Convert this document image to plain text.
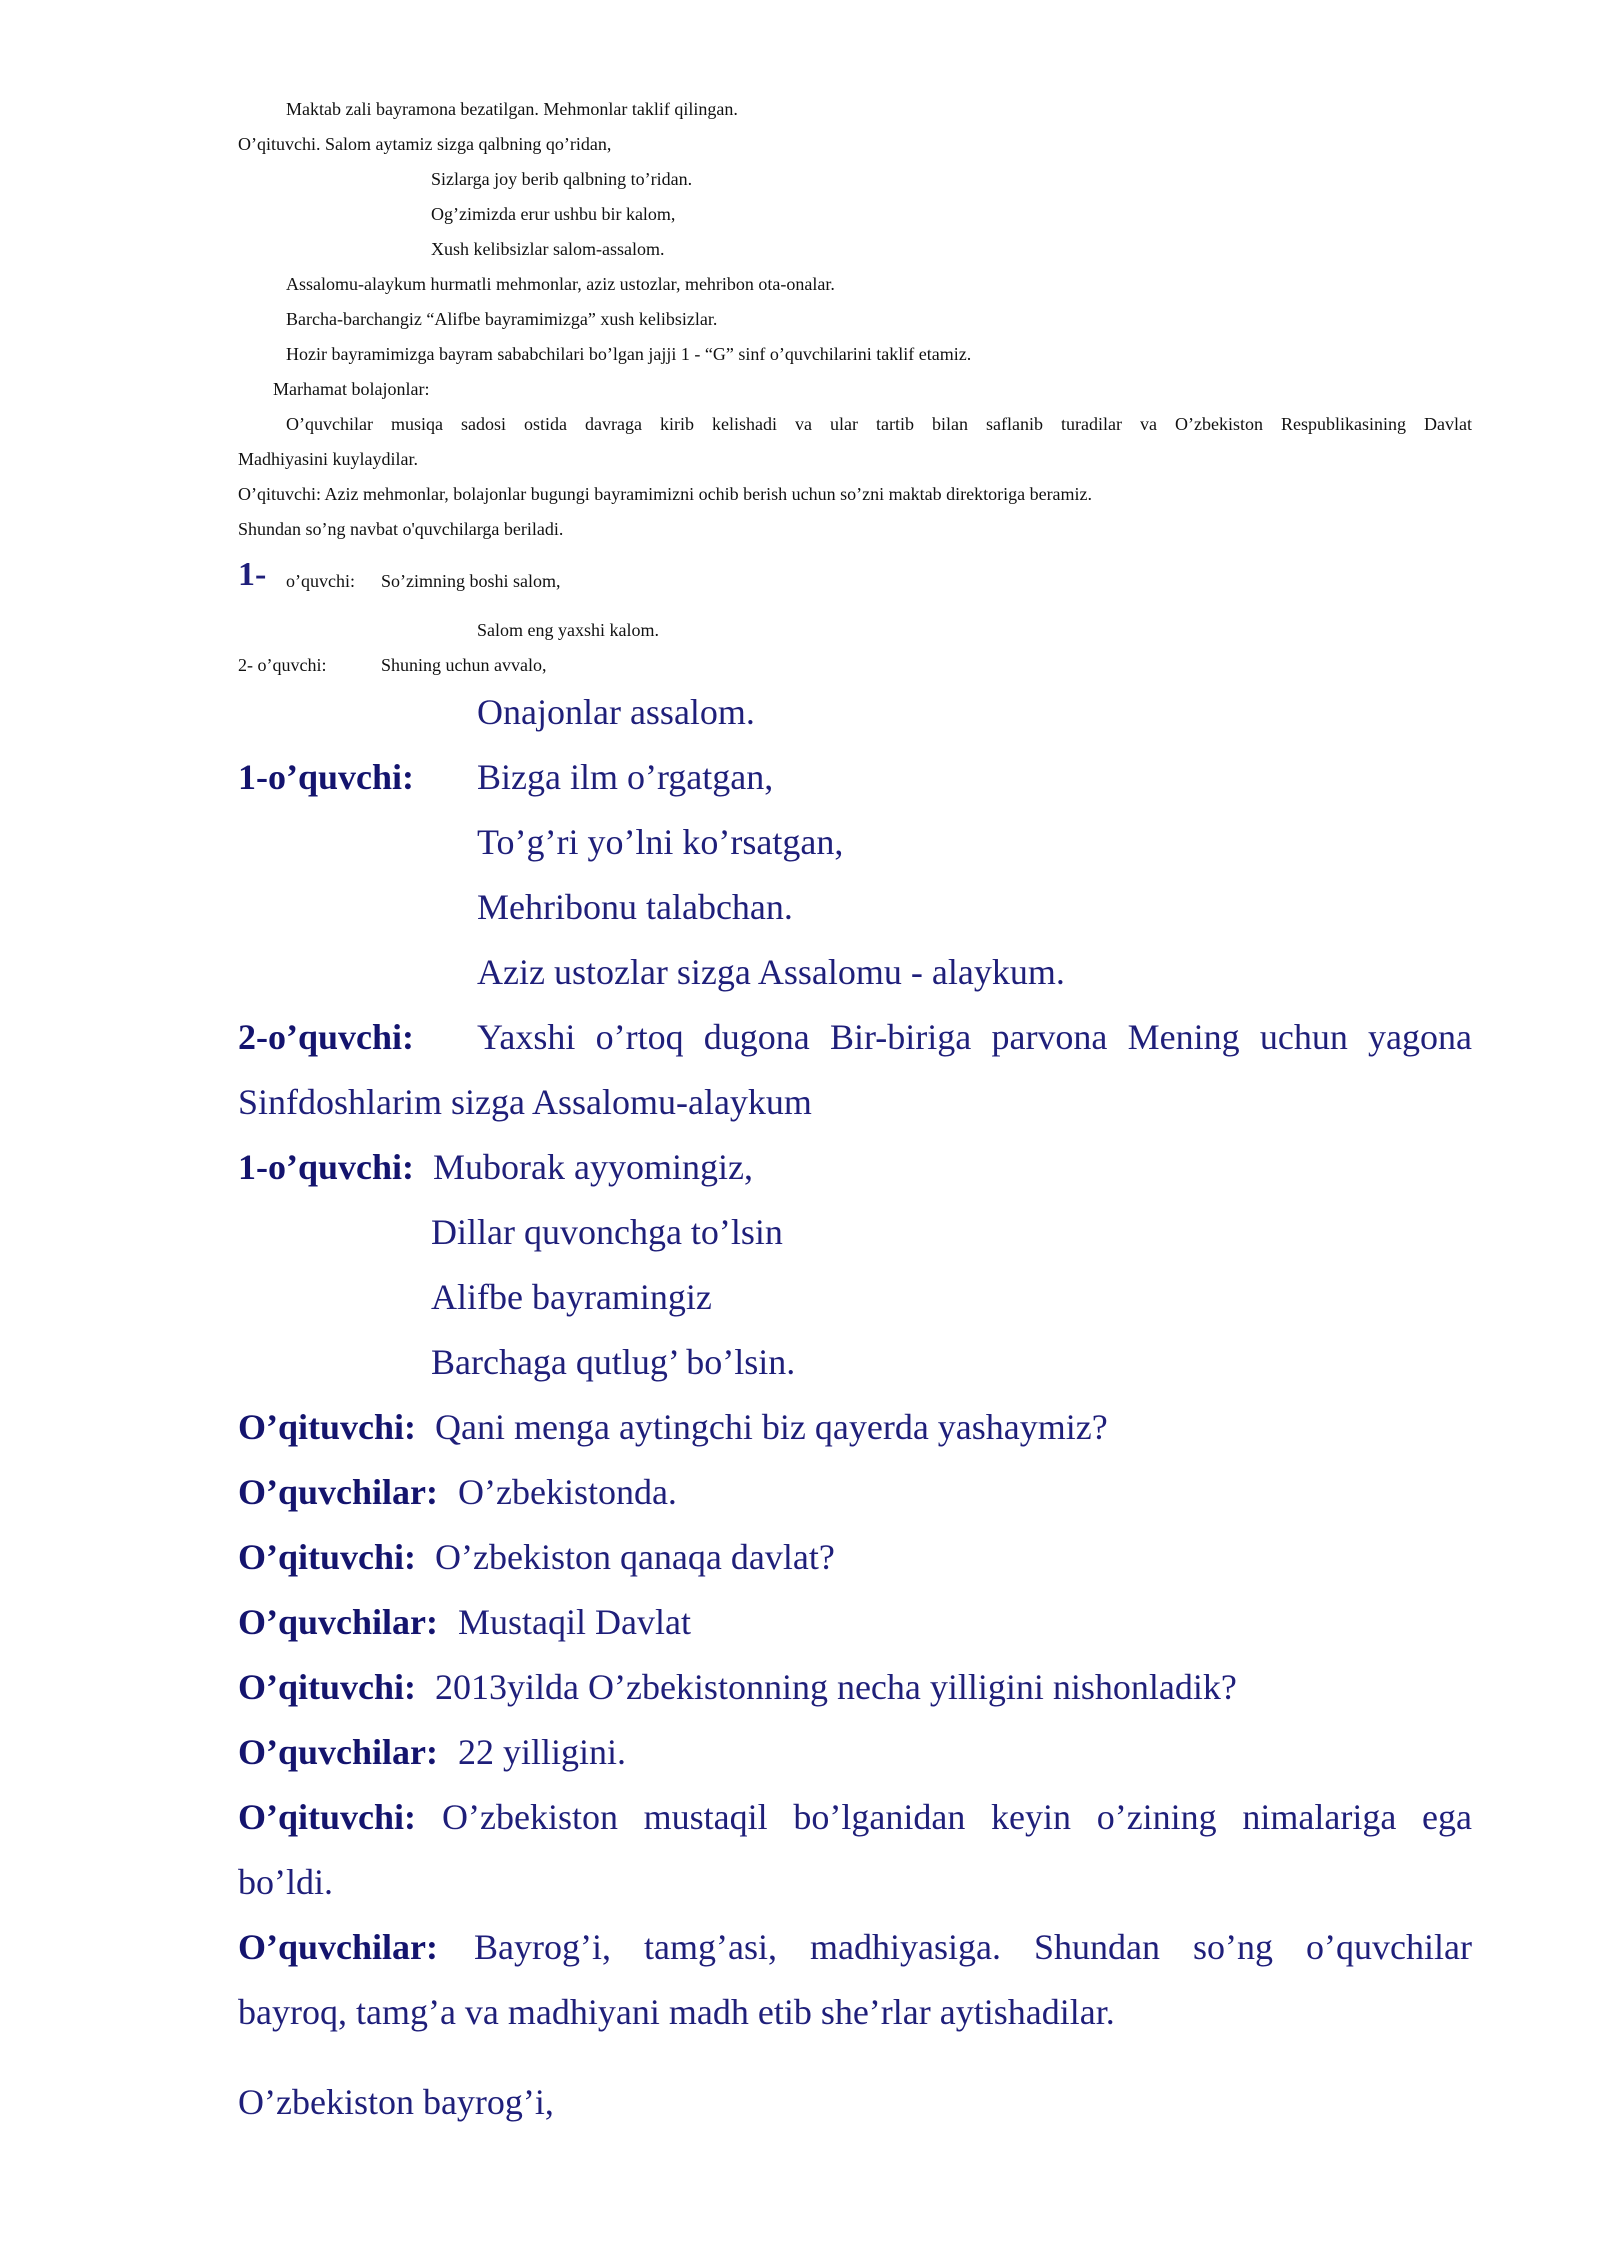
Maktab zali bayramona bezatilgan. Mehmonlar taklif qilingan.
O’qituvchi. Salom aytamiz sizga qalbning qo’ridan,
Sizlarga joy berib qalbning to’ridan.
Og’zimizda erur ushbu bir kalom,
Xush kelibsizlar salom-assalom.
Assalomu-alaykum hurmatli mehmonlar, aziz ustozlar, mehribon ota-onalar.
Barcha-barchangiz “Alifbe bayramimizga” xush kelibsizlar.
Hozir bayramimizga bayram sababchilari bo’lgan jajji 1 - “G” sinf o’quvchilarini taklif etamiz.
Marhamat bolajonlar:
O’quvchilar musiqa sadosi ostida davraga kirib kelishadi va ular tartib bilan saflanib turadilar va O’zbekiston Respublikasining Davlat
Madhiyasini kuylaydilar.
O’qituvchi: Aziz mehmonlar, bolajonlar bugungi bayramimizni ochib berish uchun so’zni maktab direktoriga beramiz.
Shundan so’ng navbat o'quvchilarga beriladi.
1- o’quvchi: So’zimning boshi salom,
Salom eng yaxshi kalom.
2- o’quvchi:	Shuning uchun avvalo,
Onajonlar assalom.
1-o’quvchi: Bizga ilm o’rgatgan,
To’g’ri yo’lni ko’rsatgan,
Mehribonu talabchan.
Aziz ustozlar sizga Assalomu - alaykum.
2-o’quvchi: Yaxshi o’rtoq dugona Bir-biriga parvona Mening uchun yagona
Sinfdoshlarim sizga Assalomu-alaykum
1-o’quvchi: Muborak ayyomingiz,
Dillar quvonchga to’lsin
Alifbe bayramingiz
Barchaga qutlug’ bo’lsin.
O’qituvchi: Qani menga aytingchi biz qayerda yashaymiz?
O’quvchilar: O’zbekistonda.
O’qituvchi: O’zbekiston qanaqa davlat?
O’quvchilar: Mustaqil Davlat
O’qituvchi: 2013yilda O’zbekistonning necha yilligini nishonladik?
O’quvchilar: 22 yilligini.
O’qituvchi: O’zbekiston mustaqil bo’lganidan keyin o’zining nimalariga ega
bo’ldi.
O’quvchilar: Bayrog’i, tamg’asi, madhiyasiga. Shundan so’ng o’quvchilar
bayroq, tamg’a va madhiyani madh etib she’rlar aytishadilar.
O’zbekiston bayrog’i,
